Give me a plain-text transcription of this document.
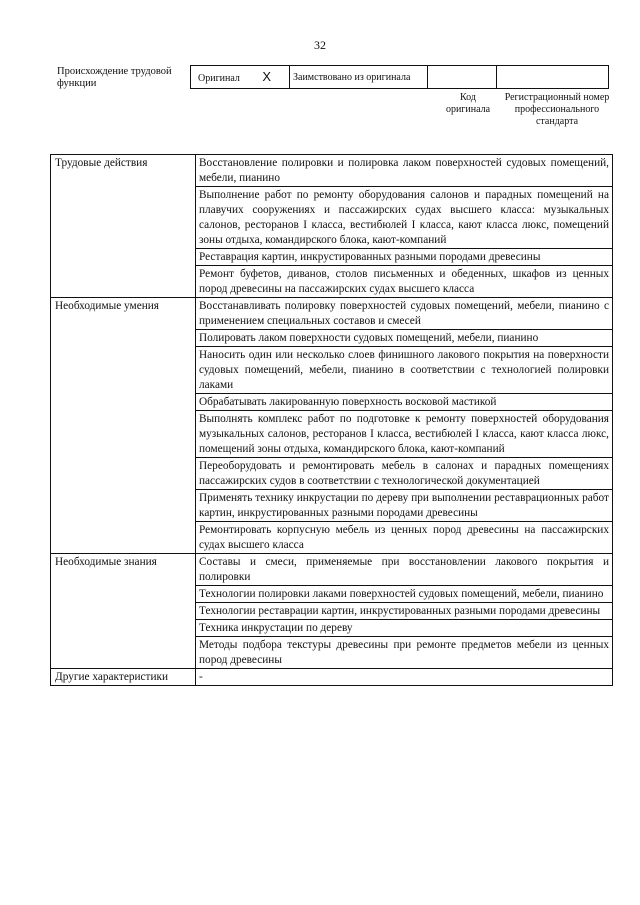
32
Происхождение трудовой функции	Оригинал X	Заимствовано из оригинала		
Код оригинала
Регистрационный номер профессионального стандарта
Трудовые действия	Восстановление полировки и полировка лаком поверхностей судовых помещений, мебели, пианино
	Выполнение работ по ремонту оборудования салонов и парадных помещений на плавучих сооружениях и пассажирских судах высшего класса: музыкальных салонов, ресторанов I класса, вестибюлей I класса, кают класса люкс, помещений зоны отдыха, командирского блока, кают-компаний
	Реставрация картин, инкрустированных разными породами древесины
	Ремонт буфетов, диванов, столов письменных и обеденных, шкафов из ценных пород древесины на пассажирских судах высшего класса
Необходимые умения	Восстанавливать полировку поверхностей судовых помещений, мебели, пианино с применением специальных составов и смесей
	Полировать лаком поверхности судовых помещений, мебели, пианино
	Наносить один или несколько слоев финишного лакового покрытия на поверхности судовых помещений, мебели, пианино в соответствии с технологией полировки лаками
	Обрабатывать лакированную поверхность восковой мастикой
	Выполнять комплекс работ по подготовке к ремонту поверхностей оборудования музыкальных салонов, ресторанов I класса, вестибюлей I класса, кают класса люкс, помещений зоны отдыха, командирского блока, кают-компаний
	Переоборудовать и ремонтировать мебель в салонах и парадных помещениях пассажирских судов в соответствии с технологической документацией
	Применять технику инкрустации по дереву при выполнении реставрационных работ картин, инкрустированных разными породами древесины
	Ремонтировать корпусную мебель из ценных пород древесины на пассажирских судах высшего класса
Необходимые знания	Составы и смеси, применяемые при восстановлении лакового покрытия и полировки
	Технологии полировки лаками поверхностей судовых помещений, мебели, пианино
	Технологии реставрации картин, инкрустированных разными породами древесины
	Техника инкрустации по дереву
	Методы подбора текстуры древесины при ремонте предметов мебели из ценных пород древесины
Другие характеристики	-
